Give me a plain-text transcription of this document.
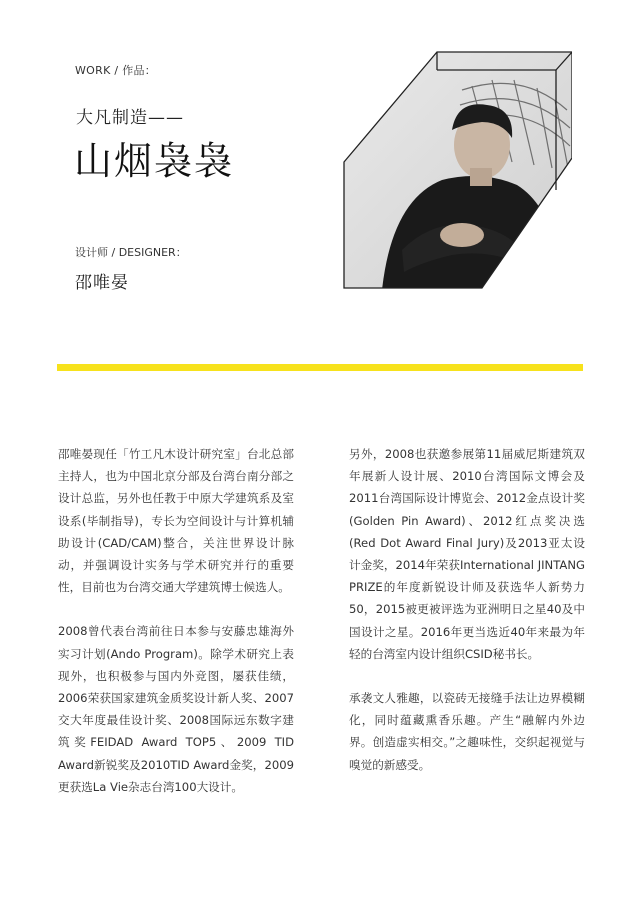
WORK / 作品：
大凡制造——
山烟袅袅
设计师 / DESIGNER：
邵唯晏

邵唯晏现任「竹工凡木设计研究室」台北总部主持人，也为中国北京分部及台湾台南分部之设计总监，另外也任教于中原大学建筑系及室设系(毕制指导)，专长为空间设计与计算机辅助设计(CAD/CAM)整合，关注世界设计脉动，并强调设计实务与学术研究并行的重要性，目前也为台湾交通大学建筑博士候选人。

2008曾代表台湾前往日本参与安藤忠雄海外实习计划(Ando Program)。除学术研究上表现外，也积极参与国内外竞图，屡获佳绩，2006荣获国家建筑金质奖设计新人奖、2007交大年度最佳设计奖、2008国际远东数字建筑奖FEIDAD Award TOP5、2009 TID Award新锐奖及2010TID Award金奖，2009更获选La Vie杂志台湾100大设计。

另外，2008也获邀参展第11届威尼斯建筑双年展新人设计展、2010台湾国际文博会及2011台湾国际设计博览会、2012金点设计奖(Golden Pin Award)、2012红点奖决选(Red Dot Award Final Jury)及2013亚太设计金奖，2014年荣获International JINTANG PRIZE的年度新锐设计师及获选华人新势力50，2015被更被评选为亚洲明日之星40及中国设计之星。2016年更当选近40年来最为年轻的台湾室内设计组织CSID秘书长。

承袭文人雅趣，以瓷砖无接缝手法让边界模糊化，同时蕴藏熏香乐趣。产生“融解内外边界。创造虚实相交。”之趣味性，交织起视觉与嗅觉的新感受。
